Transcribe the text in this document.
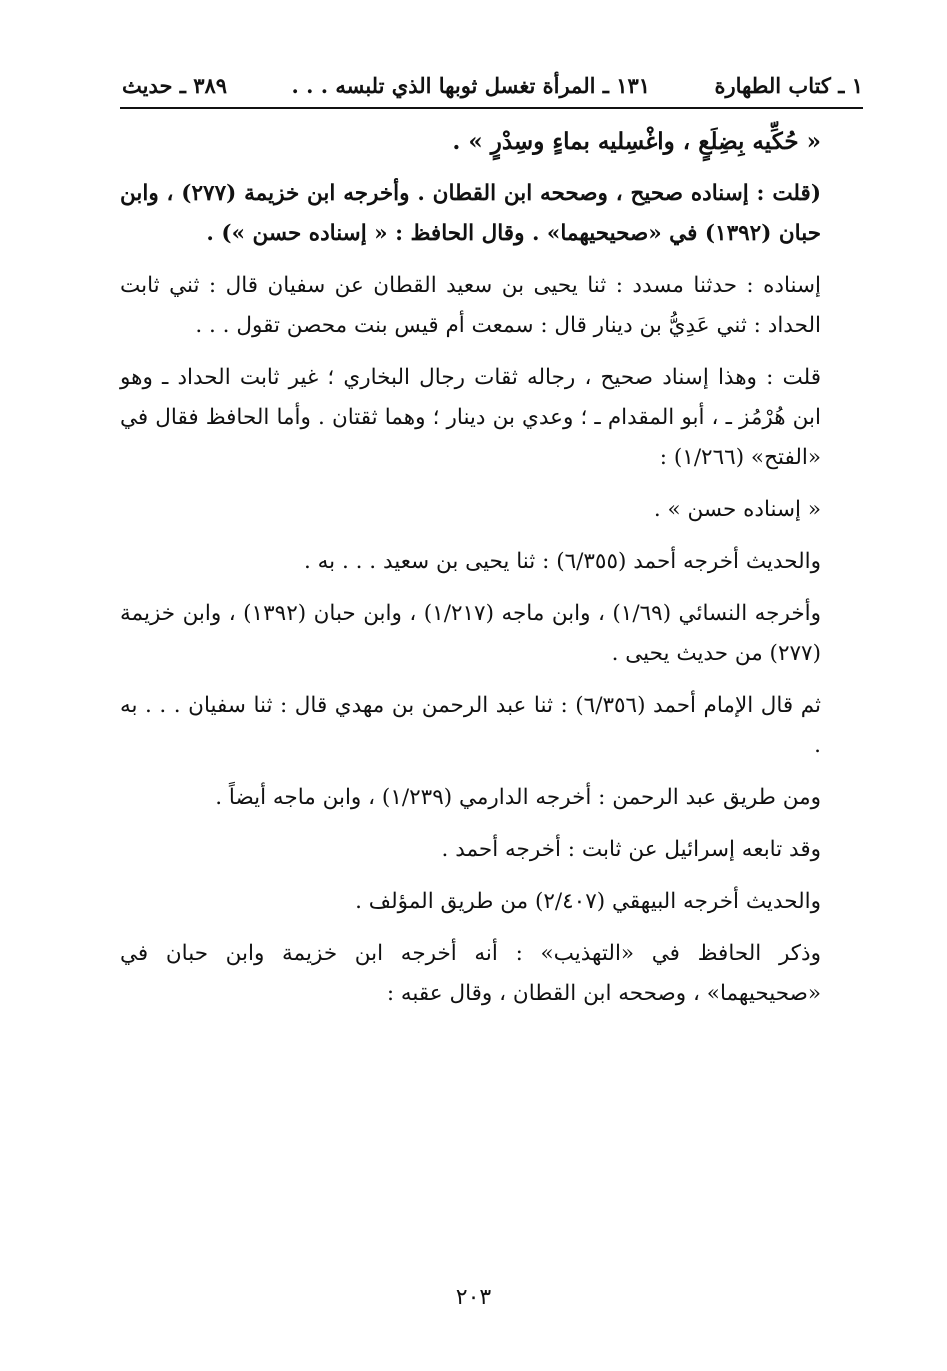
١ ـ كتاب الطهارة
١٣١ ـ المرأة تغسل ثوبها الذي تلبسه . . .
٣٨٩ ـ حديث

« حُكِّيه بِضِلَعٍ ، واغْسِليه بماءٍ وسِدْرٍ » .

(قلت : إسناده صحيح ، وصححه ابن القطان . وأخرجه ابن خزيمة (٢٧٧) ، وابن حبان (١٣٩٢) في «صحيحيهما» . وقال الحافظ : « إسناده حسن ») .

إسناده : حدثنا مسدد : ثنا يحيى بن سعيد القطان عن سفيان قال : ثني ثابت الحداد : ثني عَدِيُّ بن دينار قال : سمعت أم قيس بنت محصن تقول . . .

قلت : وهذا إسناد صحيح ، رجاله ثقات رجال البخاري ؛ غير ثابت الحداد ـ وهو ابن هُرْمُز ـ ، أبو المقدام ـ ؛ وعدي بن دينار ؛ وهما ثقتان . وأما الحافظ فقال في «الفتح» (١/٢٦٦) :

« إسناده حسن » .

والحديث أخرجه أحمد (٦/٣٥٥) : ثنا يحيى بن سعيد . . . به .

وأخرجه النسائي (١/٦٩) ، وابن ماجه (١/٢١٧) ، وابن حبان (١٣٩٢) ، وابن خزيمة (٢٧٧) من حديث يحيى .

ثم قال الإمام أحمد (٦/٣٥٦) : ثنا عبد الرحمن بن مهدي قال : ثنا سفيان . . . به .

ومن طريق عبد الرحمن : أخرجه الدارمي (١/٢٣٩) ، وابن ماجه أيضاً .

وقد تابعه إسرائيل عن ثابت : أخرجه أحمد .

والحديث أخرجه البيهقي (٢/٤٠٧) من طريق المؤلف .

وذكر الحافظ في «التهذيب» : أنه أخرجه ابن خزيمة وابن حبان في «صحيحيهما» ، وصححه ابن القطان ، وقال عقبه :

٢٠٣
